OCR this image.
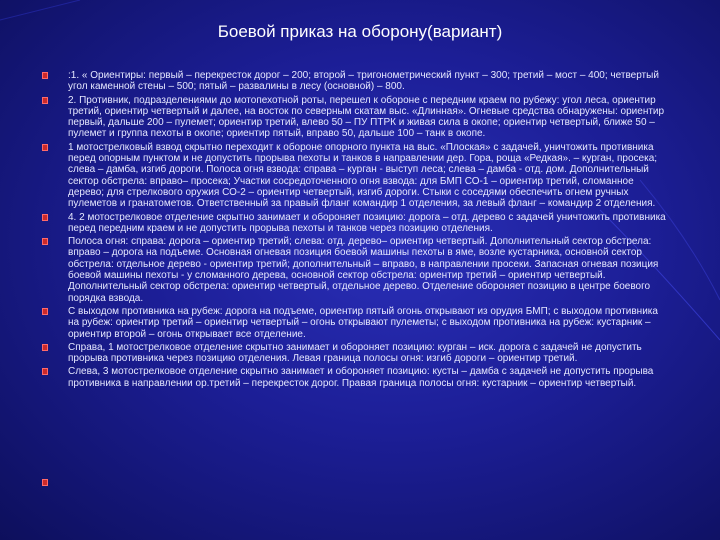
Боевой приказ на оборону(вариант)
:1. « Ориентиры: первый – перекресток дорог – 200; второй – тригонометрический пункт – 300; третий – мост – 400; четвертый угол каменной стены – 500; пятый – развалины в лесу (основной) – 800.
2. Противник, подразделениями до мотопехотной роты, перешел к обороне с передним краем по рубежу: угол леса, ориентир третий, ориентир четвертый и далее, на восток по северным скатам выс. «Длинная». Огневые средства обнаружены: ориентир первый, дальше 200 – пулемет; ориентир третий, влево 50 – ПУ ПТРК и живая сила в окопе; ориентир четвертый, ближе 50 – пулемет и группа пехоты в окопе; ориентир пятый, вправо 50, дальше 100 – танк в окопе.
1 мотострелковый взвод скрытно переходит к обороне опорного пункта на выс. «Плоская» с задачей, уничтожить противника перед опорным пунктом и не допустить прорыва пехоты и танков в направлении дер. Гора, роща «Редкая». – курган, просека; слева – дамба, изгиб дороги. Полоса огня взвода: справа – курган - выступ леса; слева – дамба - отд. дом. Дополнительный сектор обстрела: вправо– просека; Участки сосредоточенного огня взвода: для БМП СО-1 – ориентир третий, сломанное дерево; для стрелкового оружия СО-2 – ориентир четвертый, изгиб дороги. Стыки с соседями обеспечить огнем ручных пулеметов и гранатометов. Ответственный за правый фланг командир 1 отделения, за левый фланг – командир 2 отделения.
4. 2 мотострелковое отделение скрытно занимает и обороняет позицию: дорога – отд. дерево с задачей уничтожить противника перед передним краем и не допустить прорыва пехоты и танков через позицию отделения.
Полоса огня: справа: дорога – ориентир третий; слева: отд. дерево– ориентир четвертый. Дополнительный сектор обстрела: вправо – дорога на подъеме. Основная огневая позиция боевой машины пехоты в яме, возле кустарника, основной сектор обстрела: отдельное дерево - ориентир третий; дополнительный – вправо, в направлении просеки. Запасная огневая позиция боевой машины пехоты - у сломанного дерева, основной сектор обстрела: ориентир третий – ориентир четвертый. Дополнительный сектор обстрела: ориентир четвертый, отдельное дерево. Отделение обороняет позицию в центре боевого порядка взвода.
С выходом противника на рубеж: дорога на подъеме, ориентир пятый огонь открывают из орудия БМП; с выходом противника на рубеж: ориентир третий – ориентир четвертый – огонь открывают пулеметы; с выходом противника на рубеж: кустарник – ориентир второй – огонь открывает все отделение.
Справа, 1 мотострелковое отделение скрытно занимает и обороняет позицию: курган – иск. дорога с задачей не допустить прорыва противника через позицию отделения. Левая граница полосы огня: изгиб дороги – ориентир третий.
Слева, 3 мотострелковое отделение скрытно занимает и обороняет позицию: кусты – дамба с задачей не допустить прорыва противника в направлении ор.третий – перекресток дорог. Правая граница полосы огня: кустарник – ориентир четвертый.
